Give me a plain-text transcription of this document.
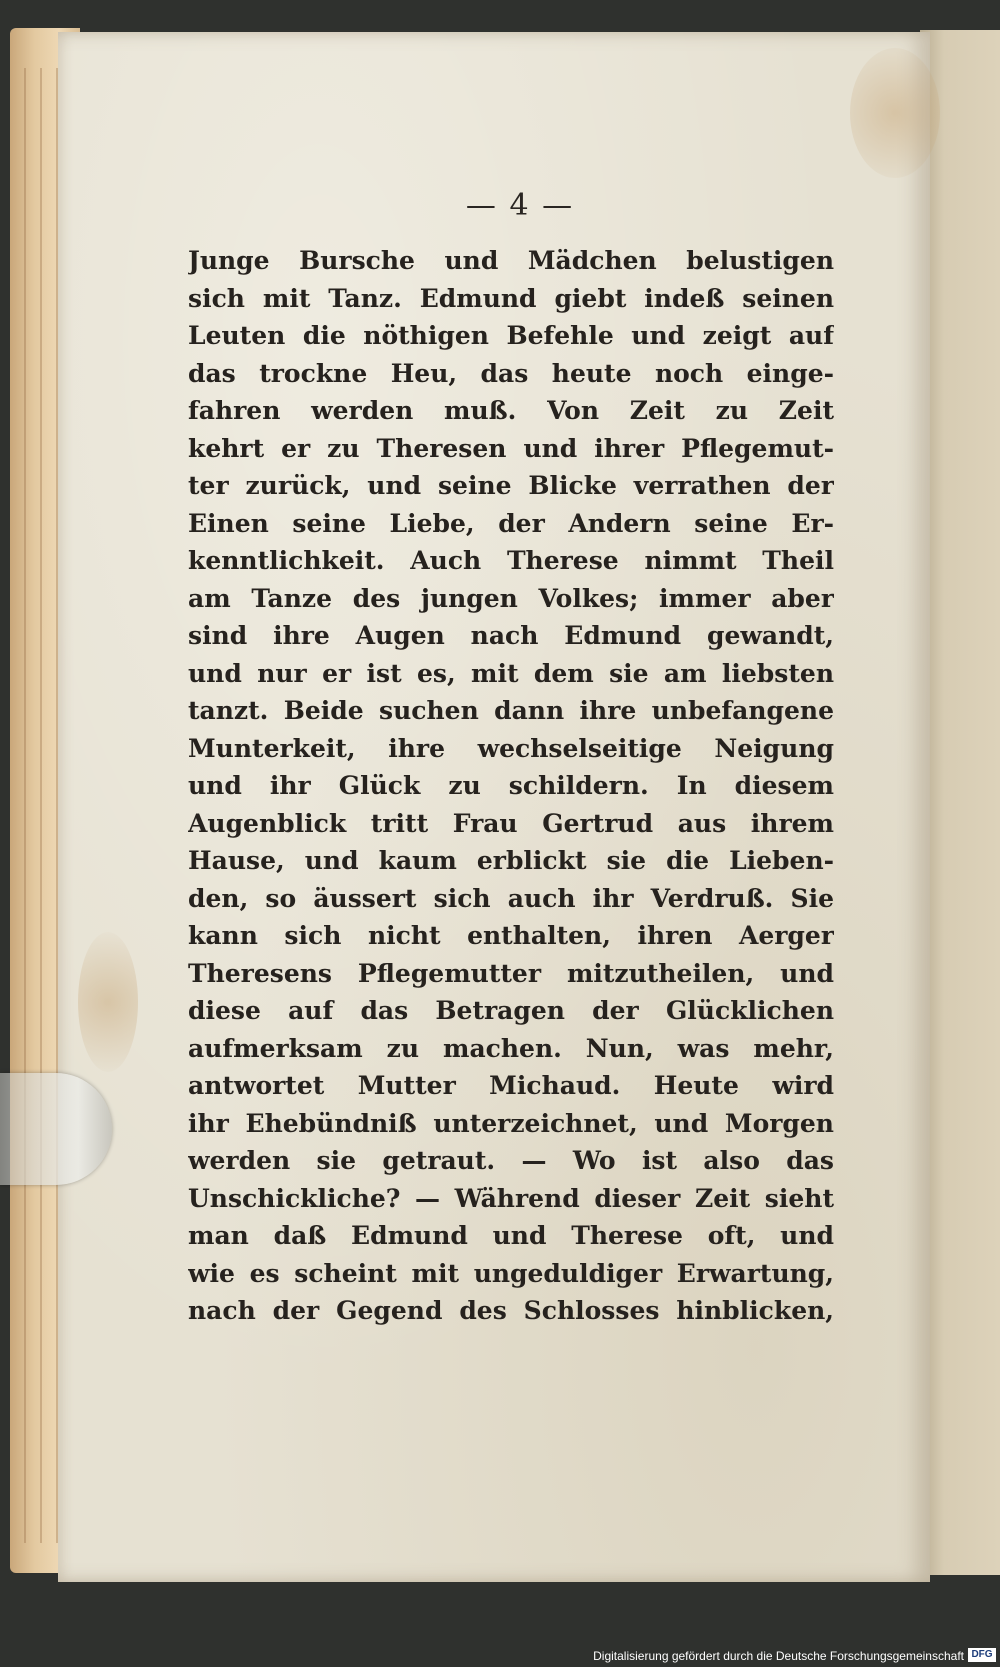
— 4 —
Junge Bursche und Mädchen belustigen
sich mit Tanz. Edmund giebt indeß seinen
Leuten die nöthigen Befehle und zeigt auf
das trockne Heu, das heute noch einge-
fahren werden muß. Von Zeit zu Zeit
kehrt er zu Theresen und ihrer Pflegemut-
ter zurück, und seine Blicke verrathen der
Einen seine Liebe, der Andern seine Er-
kenntlichkeit. Auch Therese nimmt Theil
am Tanze des jungen Volkes; immer aber
sind ihre Augen nach Edmund gewandt,
und nur er ist es, mit dem sie am liebsten
tanzt. Beide suchen dann ihre unbefangene
Munterkeit, ihre wechselseitige Neigung
und ihr Glück zu schildern. In diesem
Augenblick tritt Frau Gertrud aus ihrem
Hause, und kaum erblickt sie die Lieben-
den, so äussert sich auch ihr Verdruß. Sie
kann sich nicht enthalten, ihren Aerger
Theresens Pflegemutter mitzutheilen, und
diese auf das Betragen der Glücklichen
aufmerksam zu machen. Nun, was mehr,
antwortet Mutter Michaud. Heute wird
ihr Ehebündniß unterzeichnet, und Morgen
werden sie getraut. — Wo ist also das
Unschickliche? — Während dieser Zeit sieht
man daß Edmund und Therese oft, und
wie es scheint mit ungeduldiger Erwartung,
nach der Gegend des Schlosses hinblicken,
Digitalisierung gefördert durch die Deutsche Forschungsgemeinschaft DFG
